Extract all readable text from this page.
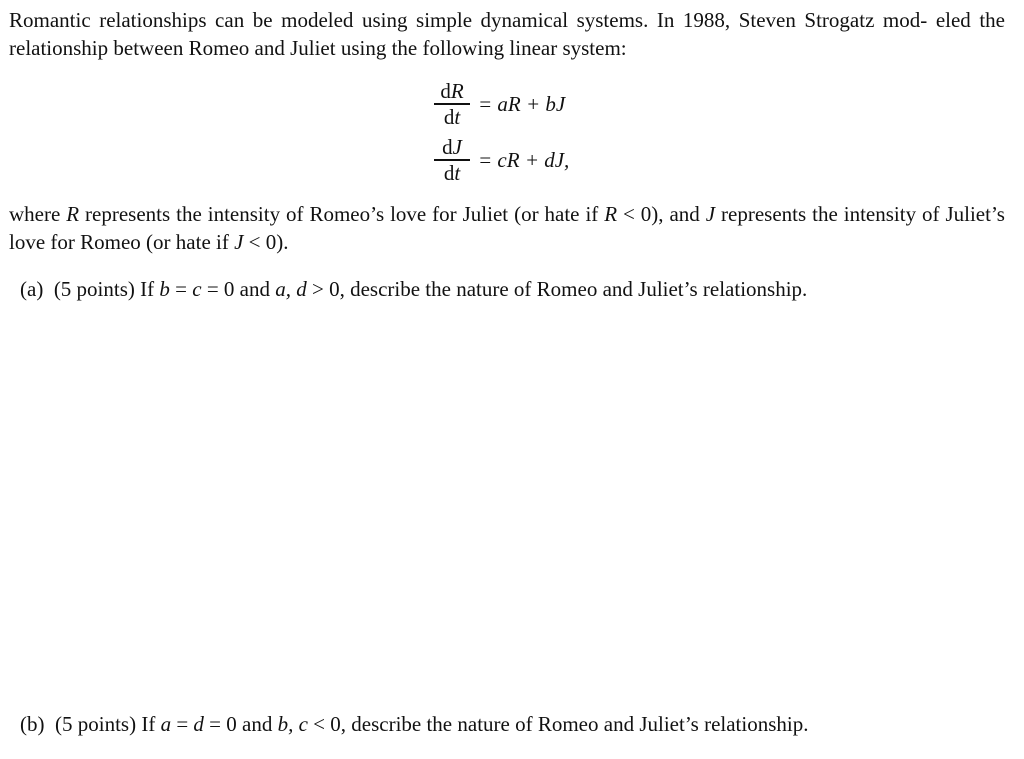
Romantic relationships can be modeled using simple dynamical systems. In 1988, Steven Strogatz mod- eled the relationship between Romeo and Juliet using the following linear system:

$\frac{dR}{dt}$ = aR + bJ
$\frac{dJ}{dt}$ = cR + dJ,

where R represents the intensity of Romeo’s love for Juliet (or hate if R < 0), and J represents the intensity of Juliet’s love for Romeo (or hate if J < 0).

(a) (5 points) If b = c = 0 and a, d > 0, describe the nature of Romeo and Juliet’s relationship.

(b) (5 points) If a = d = 0 and b, c < 0, describe the nature of Romeo and Juliet’s relationship.
